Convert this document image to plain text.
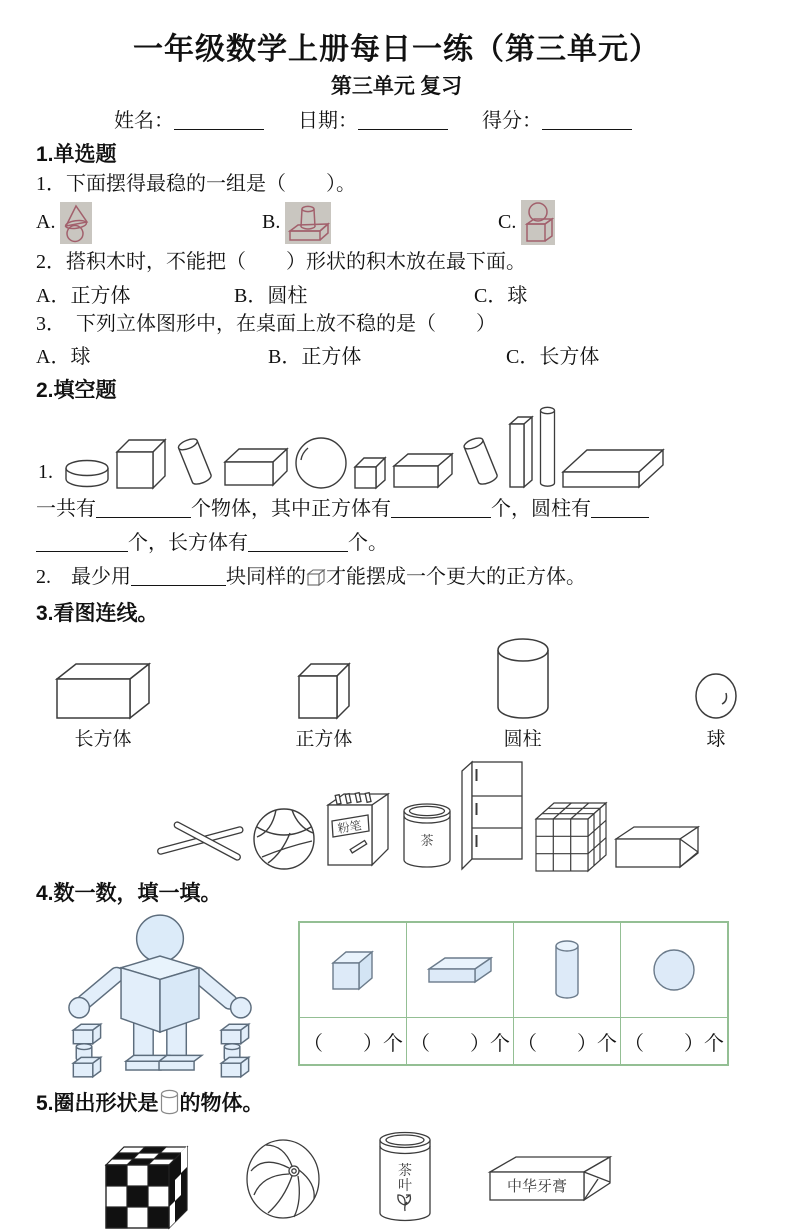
一年级数学上册每日一练（第三单元）
第三单元 复习
姓名：	日期：	得分：
1.单选题
1．下面摆得最稳的一组是（　　）。
A.	B.	C.
2．搭积木时，不能把（　　）形状的积木放在最下面。
A．正方体	B．圆柱	C．球
3．　下列立体图形中，在桌面上放不稳的是（　　）
A．球	B．正方体	C．长方体
2.填空题
1.
一共有	个物体，其中正方体有	个，圆柱有
个，长方体有	个。
2.　最少用	块同样的 才能摆成一个更大的正方体。
3.看图连线。
长方体	正方体	圆柱	球
粉笔
茶
4.数一数，填一填。

（　　）个	（　　）个	（　　）个	（　　）个
5.圈出形状是 的物体。
茶
叶	中华牙膏
